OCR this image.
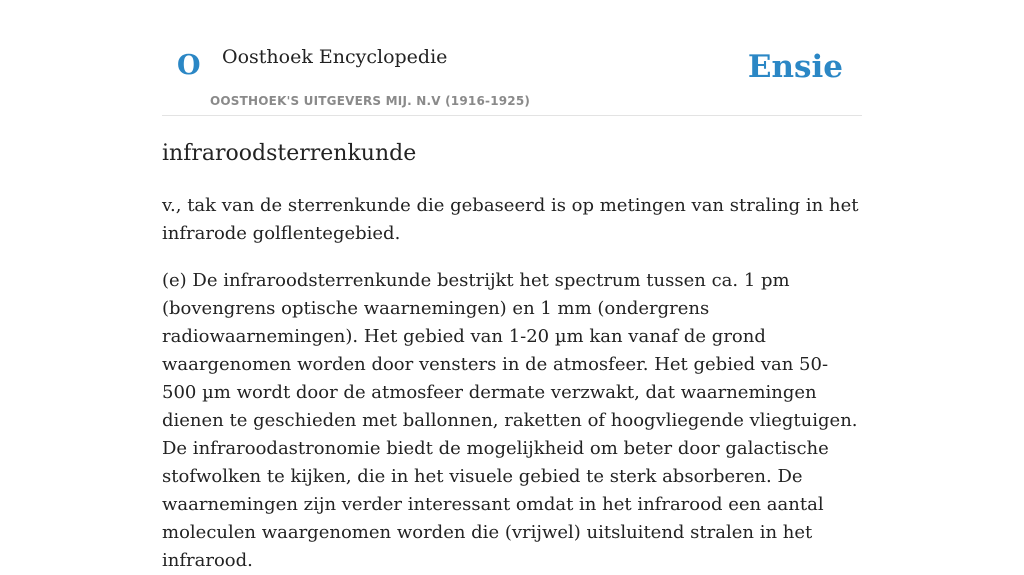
O Oosthoek Encyclopedie
OOSTHOEK'S UITGEVERS MIJ. N.V (1916-1925)
Ensie
infraroodsterrenkunde

v., tak van de sterrenkunde die gebaseerd is op metingen van straling in het infrarode golflentegebied.

(e) De infraroodsterrenkunde bestrijkt het spectrum tussen ca. 1 pm (bovengrens optische waarnemingen) en 1 mm (ondergrens radiowaarnemingen). Het gebied van 1-20 µm kan vanaf de grond waargenomen worden door vensters in de atmosfeer. Het gebied van 50-500 µm wordt door de atmosfeer dermate verzwakt, dat waarnemingen dienen te geschieden met ballonnen, raketten of hoogvliegende vliegtuigen. De infraroodastronomie biedt de mogelijkheid om beter door galactische stofwolken te kijken, die in het visuele gebied te sterk absorberen. De waarnemingen zijn verder interessant omdat in het infrarood een aantal moleculen waargenomen worden die (vrijwel) uitsluitend stralen in het infrarood.
